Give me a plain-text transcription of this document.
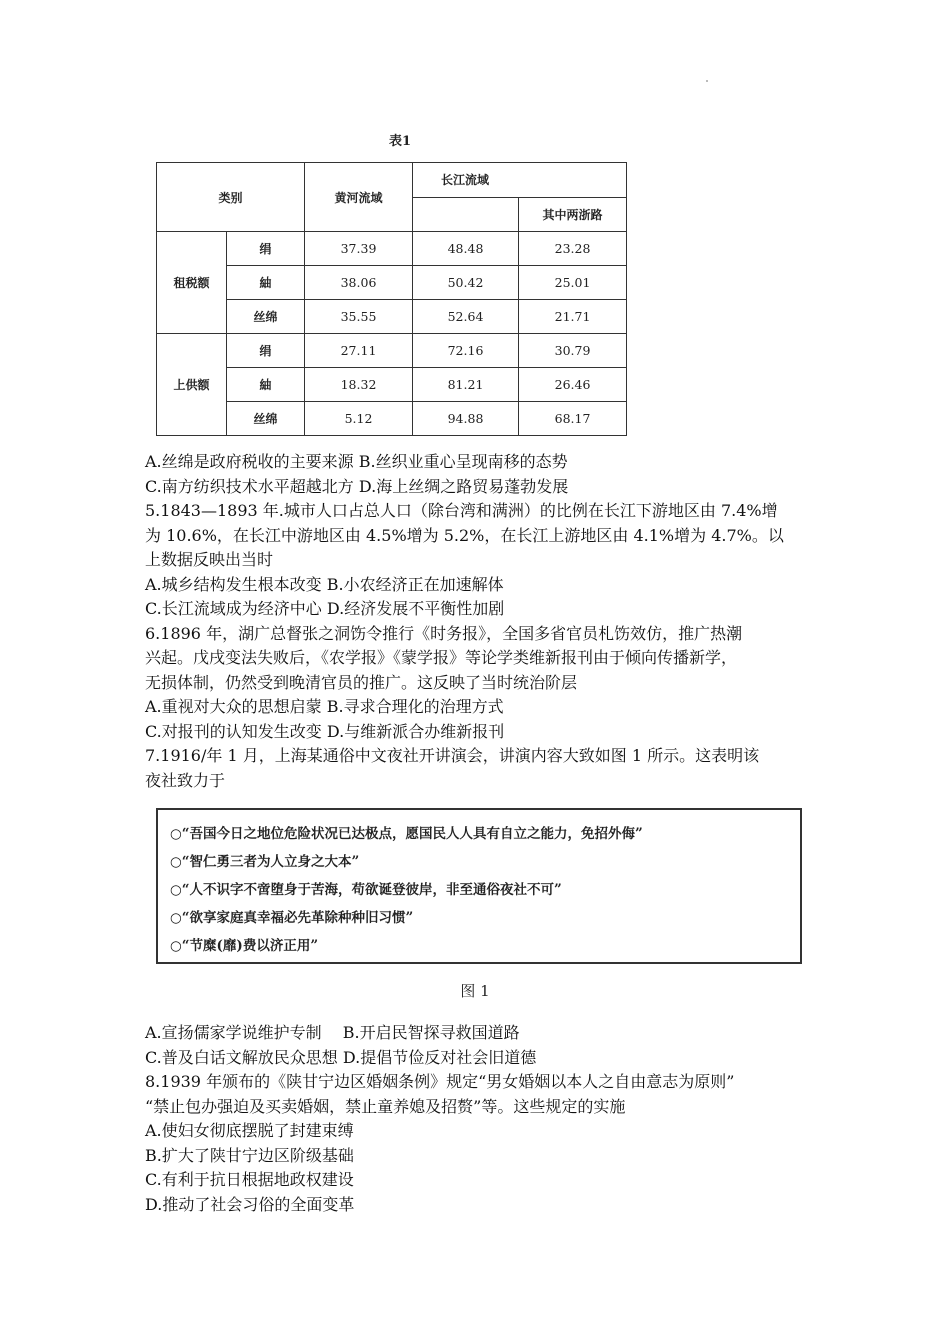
表1
类别		黄河流域	长江流域	
				其中两浙路
租税额	绢	37.39	48.48	23.28
	紬	38.06	50.42	25.01
	丝绵	35.55	52.64	21.71
上供额	绢	27.11	72.16	30.79
	紬	18.32	81.21	26.46
	丝绵	5.12	94.88	68.17
A.丝绵是政府税收的主要来源 B.丝织业重心呈现南移的态势
C.南方纺织技术水平超越北方 D.海上丝绸之路贸易蓬勃发展
5.1843—1893 年.城市人口占总人口（除台湾和满洲）的比例在长江下游地区由 7.4%增
为 10.6%，在长江中游地区由 4.5%增为 5.2%，在长江上游地区由 4.1%增为 4.7%。以
上数据反映出当时
A.城乡结构发生根本改变 B.小农经济正在加速解体
C.长江流域成为经济中心 D.经济发展不平衡性加剧
6.1896 年，湖广总督张之洞饬令推行《时务报》，全国多省官员札饬效仿，推广热潮
兴起。戊戌变法失败后，《农学报》《蒙学报》等论学类维新报刊由于倾向传播新学，
无损体制，仍然受到晚清官员的推广。这反映了当时统治阶层
A.重视对大众的思想启蒙 B.寻求合理化的治理方式
C.对报刊的认知发生改变 D.与维新派合办维新报刊
7.1916/年 1 月，上海某通俗中文夜社开讲演会，讲演内容大致如图 1 所示。这表明该
夜社致力于
○“吾国今日之地位危险状况已达极点，愿国民人人具有自立之能力，免招外侮”
○“智仁勇三者为人立身之大本”
○“人不识字不啻堕身于苦海，苟欲诞登彼岸，非至通俗夜社不可”
○“欲享家庭真幸福必先革除种种旧习惯”
○“节糜(靡)费以济正用”
图 1
A.宣扬儒家学说维护专制　 B.开启民智探寻救国道路
C.普及白话文解放民众思想 D.提倡节俭反对社会旧道德
8.1939 年颁布的《陕甘宁边区婚姻条例》规定“男女婚姻以本人之自由意志为原则”
“禁止包办强迫及买卖婚姻，禁止童养媳及招赘”等。这些规定的实施
A.使妇女彻底摆脱了封建束缚
B.扩大了陕甘宁边区阶级基础
C.有利于抗日根据地政权建设
D.推动了社会习俗的全面变革
